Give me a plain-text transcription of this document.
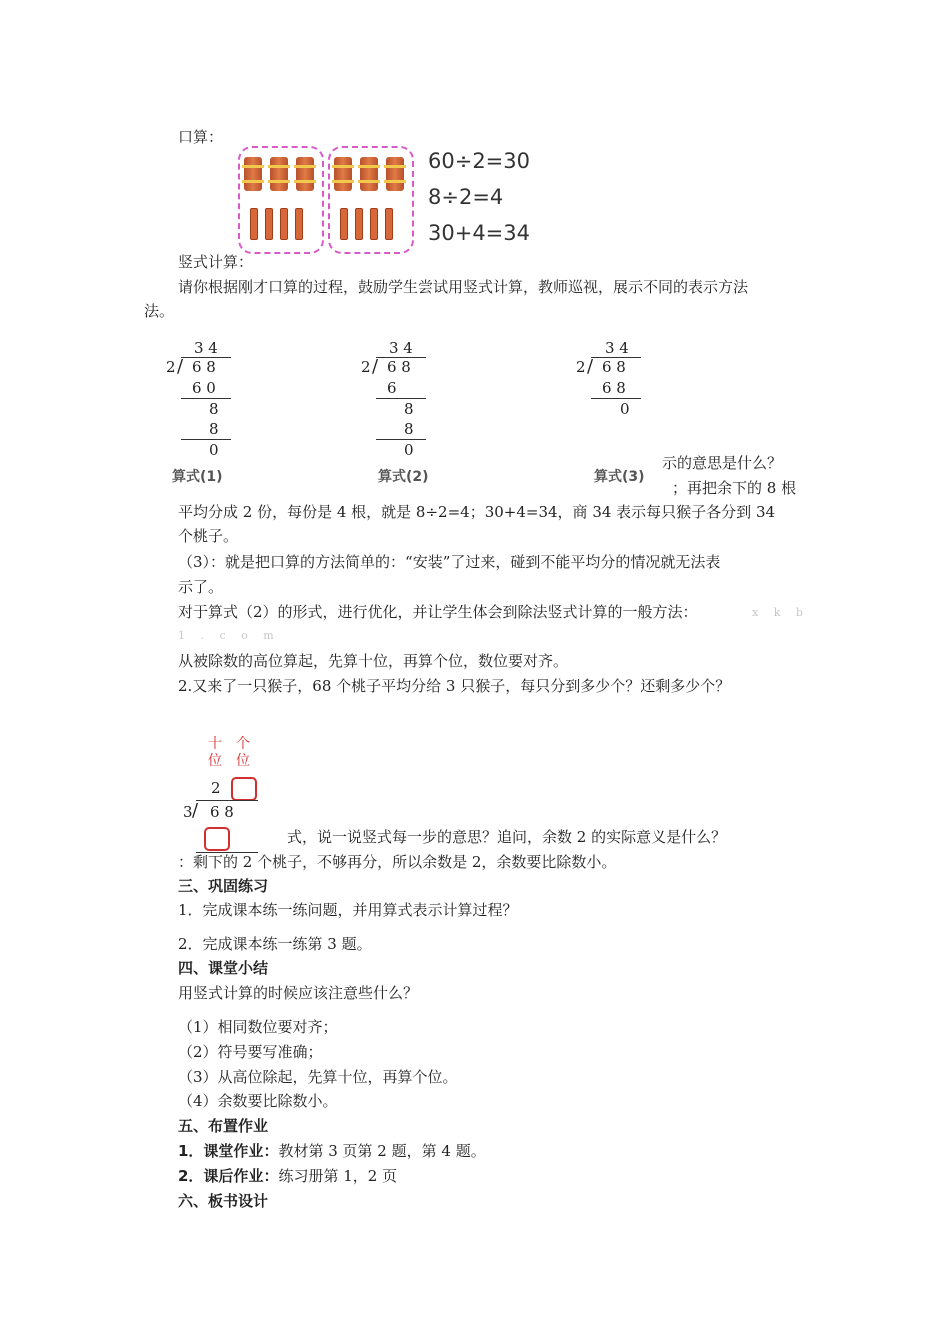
口算：
60÷2=30
8÷2=4
30+4=34
竖式计算：
请你根据刚才口算的过程，鼓励学生尝试用竖式计算，教师巡视，展示不同的表示方法
法。
3 4
2 / 6 8
6 0
8
8
0
算式(1)
3 4
2 / 6 8
6
8
8
0
算式(2)
3 4
2 / 6 8
6 8
0
算式(3)
示的意思是什么？
；再把余下的 8 根
平均分成 2 份，每份是 4 根，就是 8÷2=4；30+4=34，商 34 表示每只猴子各分到 34
个桃子。
（3）：就是把口算的方法简单的：“安装”了过来，碰到不能平均分的情况就无法表
示了。
对于算式（2）的形式，进行优化，并让学生体会到除法竖式计算的一般方法：	x k b
1 . c o m
从被除数的高位算起，先算十位，再算个位，数位要对齐。
2.又来了一只猴子，68 个桃子平均分给 3 只猴子，每只分到多少个？还剩多少个？
十位
个位
2
3 / 6 8
式，说一说竖式每一步的意思？追问，余数 2 的实际意义是什么？
：剩下的 2 个桃子，不够再分，所以余数是 2，余数要比除数小。
三、巩固练习
1．完成课本练一练问题，并用算式表示计算过程？
2．完成课本练一练第 3 题。
四、课堂小结
用竖式计算的时候应该注意些什么？
（1）相同数位要对齐；
（2）符号要写准确；
（3）从高位除起，先算十位，再算个位。
（4）余数要比除数小。
五、布置作业
1．课堂作业：教材第 3 页第 2 题，第 4 题。
2．课后作业：练习册第 1，2 页
六、板书设计
